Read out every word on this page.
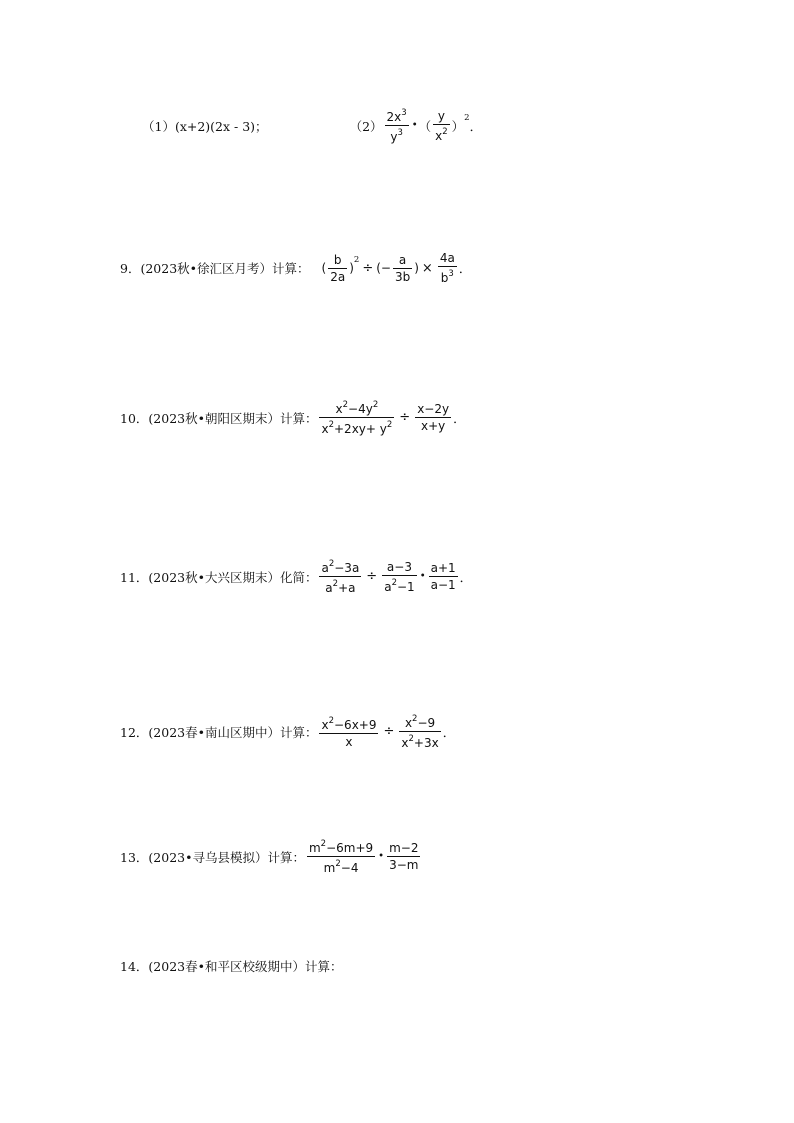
（1） (x+2)(2x - 3)；	$(2) \frac{2x^3}{y^3}$ • （ $\frac{y}{x^2}$ ）
$^2$
．
9．(2023秋•徐汇区月考）计算： ( $\frac{b}{2a}$ )
$^2$
÷ (− $\frac{a}{3b}$ ) × $\frac{4a}{b^3}$ ．
10．(2023秋•朝阳区期末）计算： $\frac{x^2-4y^2}{x^2+2xy+ y^2} \div \frac{x-2y}{x+y}$ ．
11．(2023秋•大兴区期末）化简： $\frac{a^2-3a}{a^2+a} \div \frac{a-3}{a^2-1}$ • $\frac{a+1}{a-1}$ ．
12．(2023春•南山区期中）计算： $\frac{x^2-6x+9}{x} \div \frac{x^2-9}{x^2+3x}$ ．
13．(2023•寻乌县模拟）计算： $\frac{m^2-6m+9}{m^2-4}$ • $\frac{m-2}{3-m}$
14．(2023春•和平区校级期中）计算：
